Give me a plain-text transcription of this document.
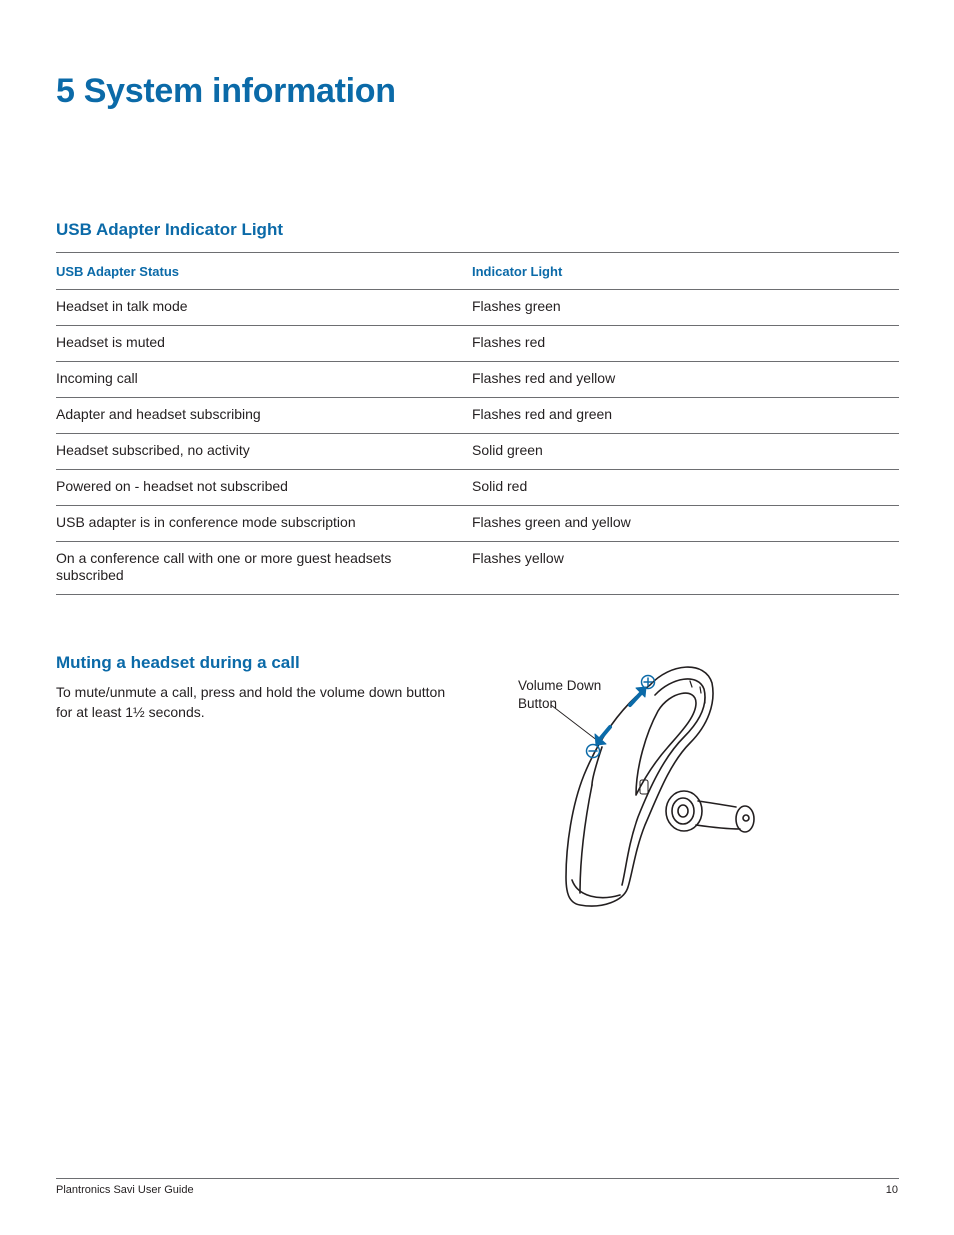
5 System information
USB Adapter Indicator Light
USB Adapter Status	Indicator Light
Headset in talk mode	Flashes green
Headset is muted	Flashes red
Incoming call	Flashes red and yellow
Adapter and headset subscribing	Flashes red and green
Headset subscribed, no activity	Solid green
Powered on - headset not subscribed	Solid red
USB adapter is in conference mode subscription	Flashes green and yellow
On a conference call with one or more guest headsets subscribed	Flashes yellow
Muting a headset during a call

To mute/unmute a call, press and hold the volume down button for at least 1½ seconds.

Volume Down
Button
Plantronics Savi User Guide	10
